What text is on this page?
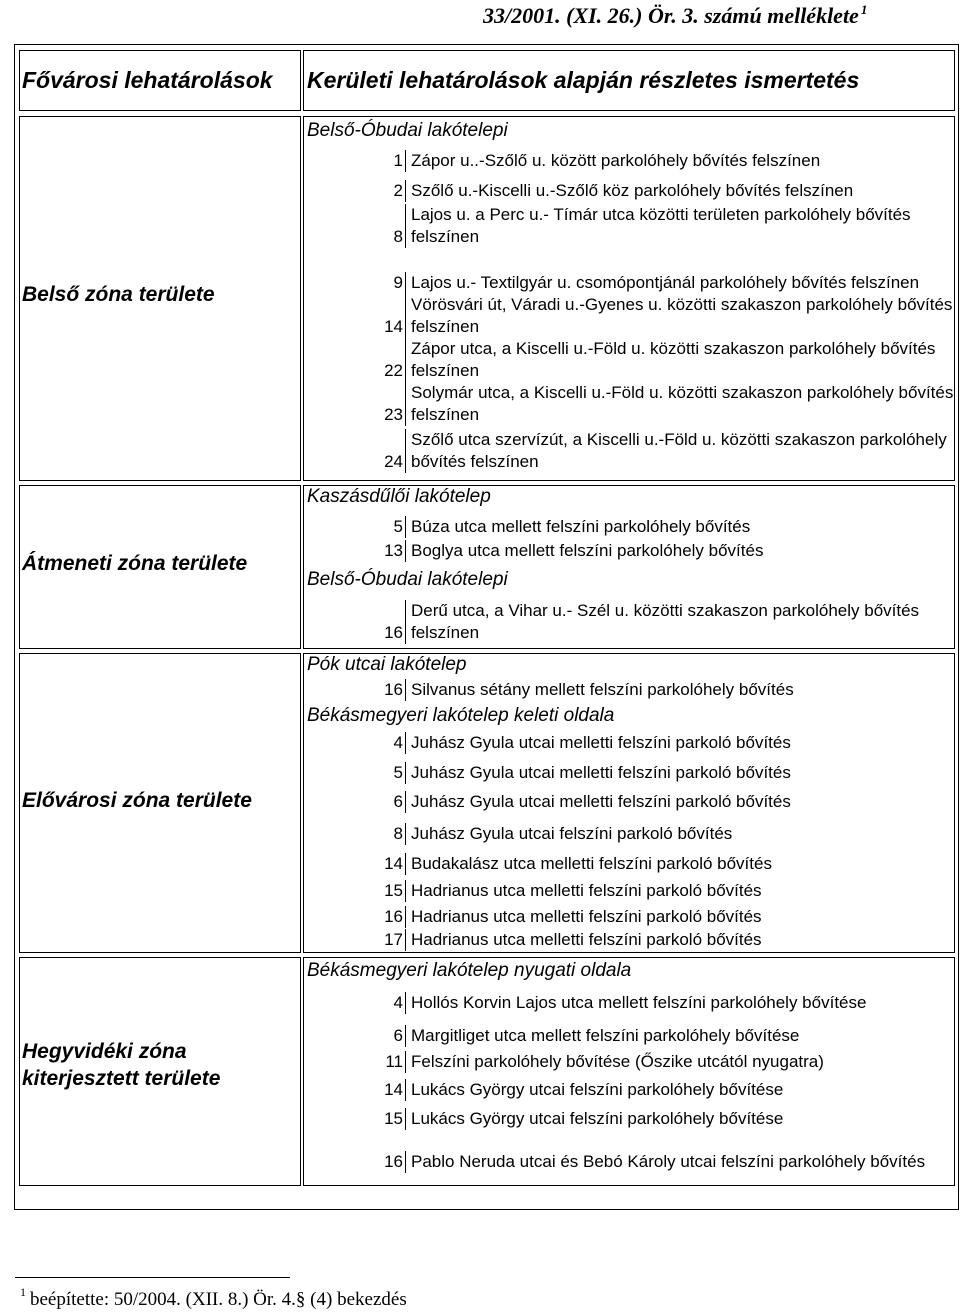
33/2001. (XI. 26.) Ör. 3. számú melléklete $^1$
Fővárosi lehatárolások Kerületi lehatárolások alapján részletes ismertetés
Belső zóna területe
Átmeneti zóna területe
Elővárosi zóna területe
Hegyvidéki zóna kiterjesztett területe
Belső-Óbudai lakótelepi
1 Zápor u..-Szőlő u. között parkolóhely bővítés felszínen
2 Szőlő u.-Kiscelli u.-Szőlő köz parkolóhely bővítés felszínen
8
Lajos u. a Perc u.- Tímár utca közötti területen parkolóhely bővítés
felszínen
9 Lajos u.- Textilgyár u. csomópontjánál parkolóhely bővítés felszínen
14
Vörösvári út, Váradi u.-Gyenes u. közötti szakaszon parkolóhely bővítés
felszínen
22
Zápor utca, a Kiscelli u.-Föld u. közötti szakaszon parkolóhely bővítés
felszínen
23
Solymár utca, a Kiscelli u.-Föld u. közötti szakaszon parkolóhely bővítés
felszínen
24
Szőlő utca szervízút, a Kiscelli u.-Föld u. közötti szakaszon parkolóhely
bővítés felszínen
Kaszásdűlői lakótelep
5 Búza utca mellett felszíni parkolóhely bővítés
13 Boglya utca mellett felszíni parkolóhely bővítés
Belső-Óbudai lakótelepi
16
Derű utca, a Vihar u.- Szél u. közötti szakaszon parkolóhely bővítés
felszínen
Pók utcai lakótelep
16 Silvanus sétány mellett felszíni parkolóhely bővítés
Békásmegyeri lakótelep keleti oldala
4 Juhász Gyula utcai melletti felszíni parkoló bővítés
5 Juhász Gyula utcai melletti felszíni parkoló bővítés
6 Juhász Gyula utcai melletti felszíni parkoló bővítés
8 Juhász Gyula utcai felszíni parkoló bővítés
14 Budakalász utca melletti felszíni parkoló bővítés
15 Hadrianus utca melletti felszíni parkoló bővítés
16 Hadrianus utca melletti felszíni parkoló bővítés
17 Hadrianus utca melletti felszíni parkoló bővítés
Békásmegyeri lakótelep nyugati oldala
4 Hollós Korvin Lajos utca mellett felszíni parkolóhely bővítése
6 Margitliget utca mellett felszíni parkolóhely bővítése
11 Felszíni parkolóhely bővítése (Őszike utcától nyugatra)
14 Lukács György utcai felszíni parkolóhely bővítése
15 Lukács György utcai felszíni parkolóhely bővítése
16 Pablo Neruda utcai és Bebó Károly utcai felszíni parkolóhely bővítés
1 beépítette: 50/2004. (XII. 8.) Ör. 4.§ (4) bekezdés
